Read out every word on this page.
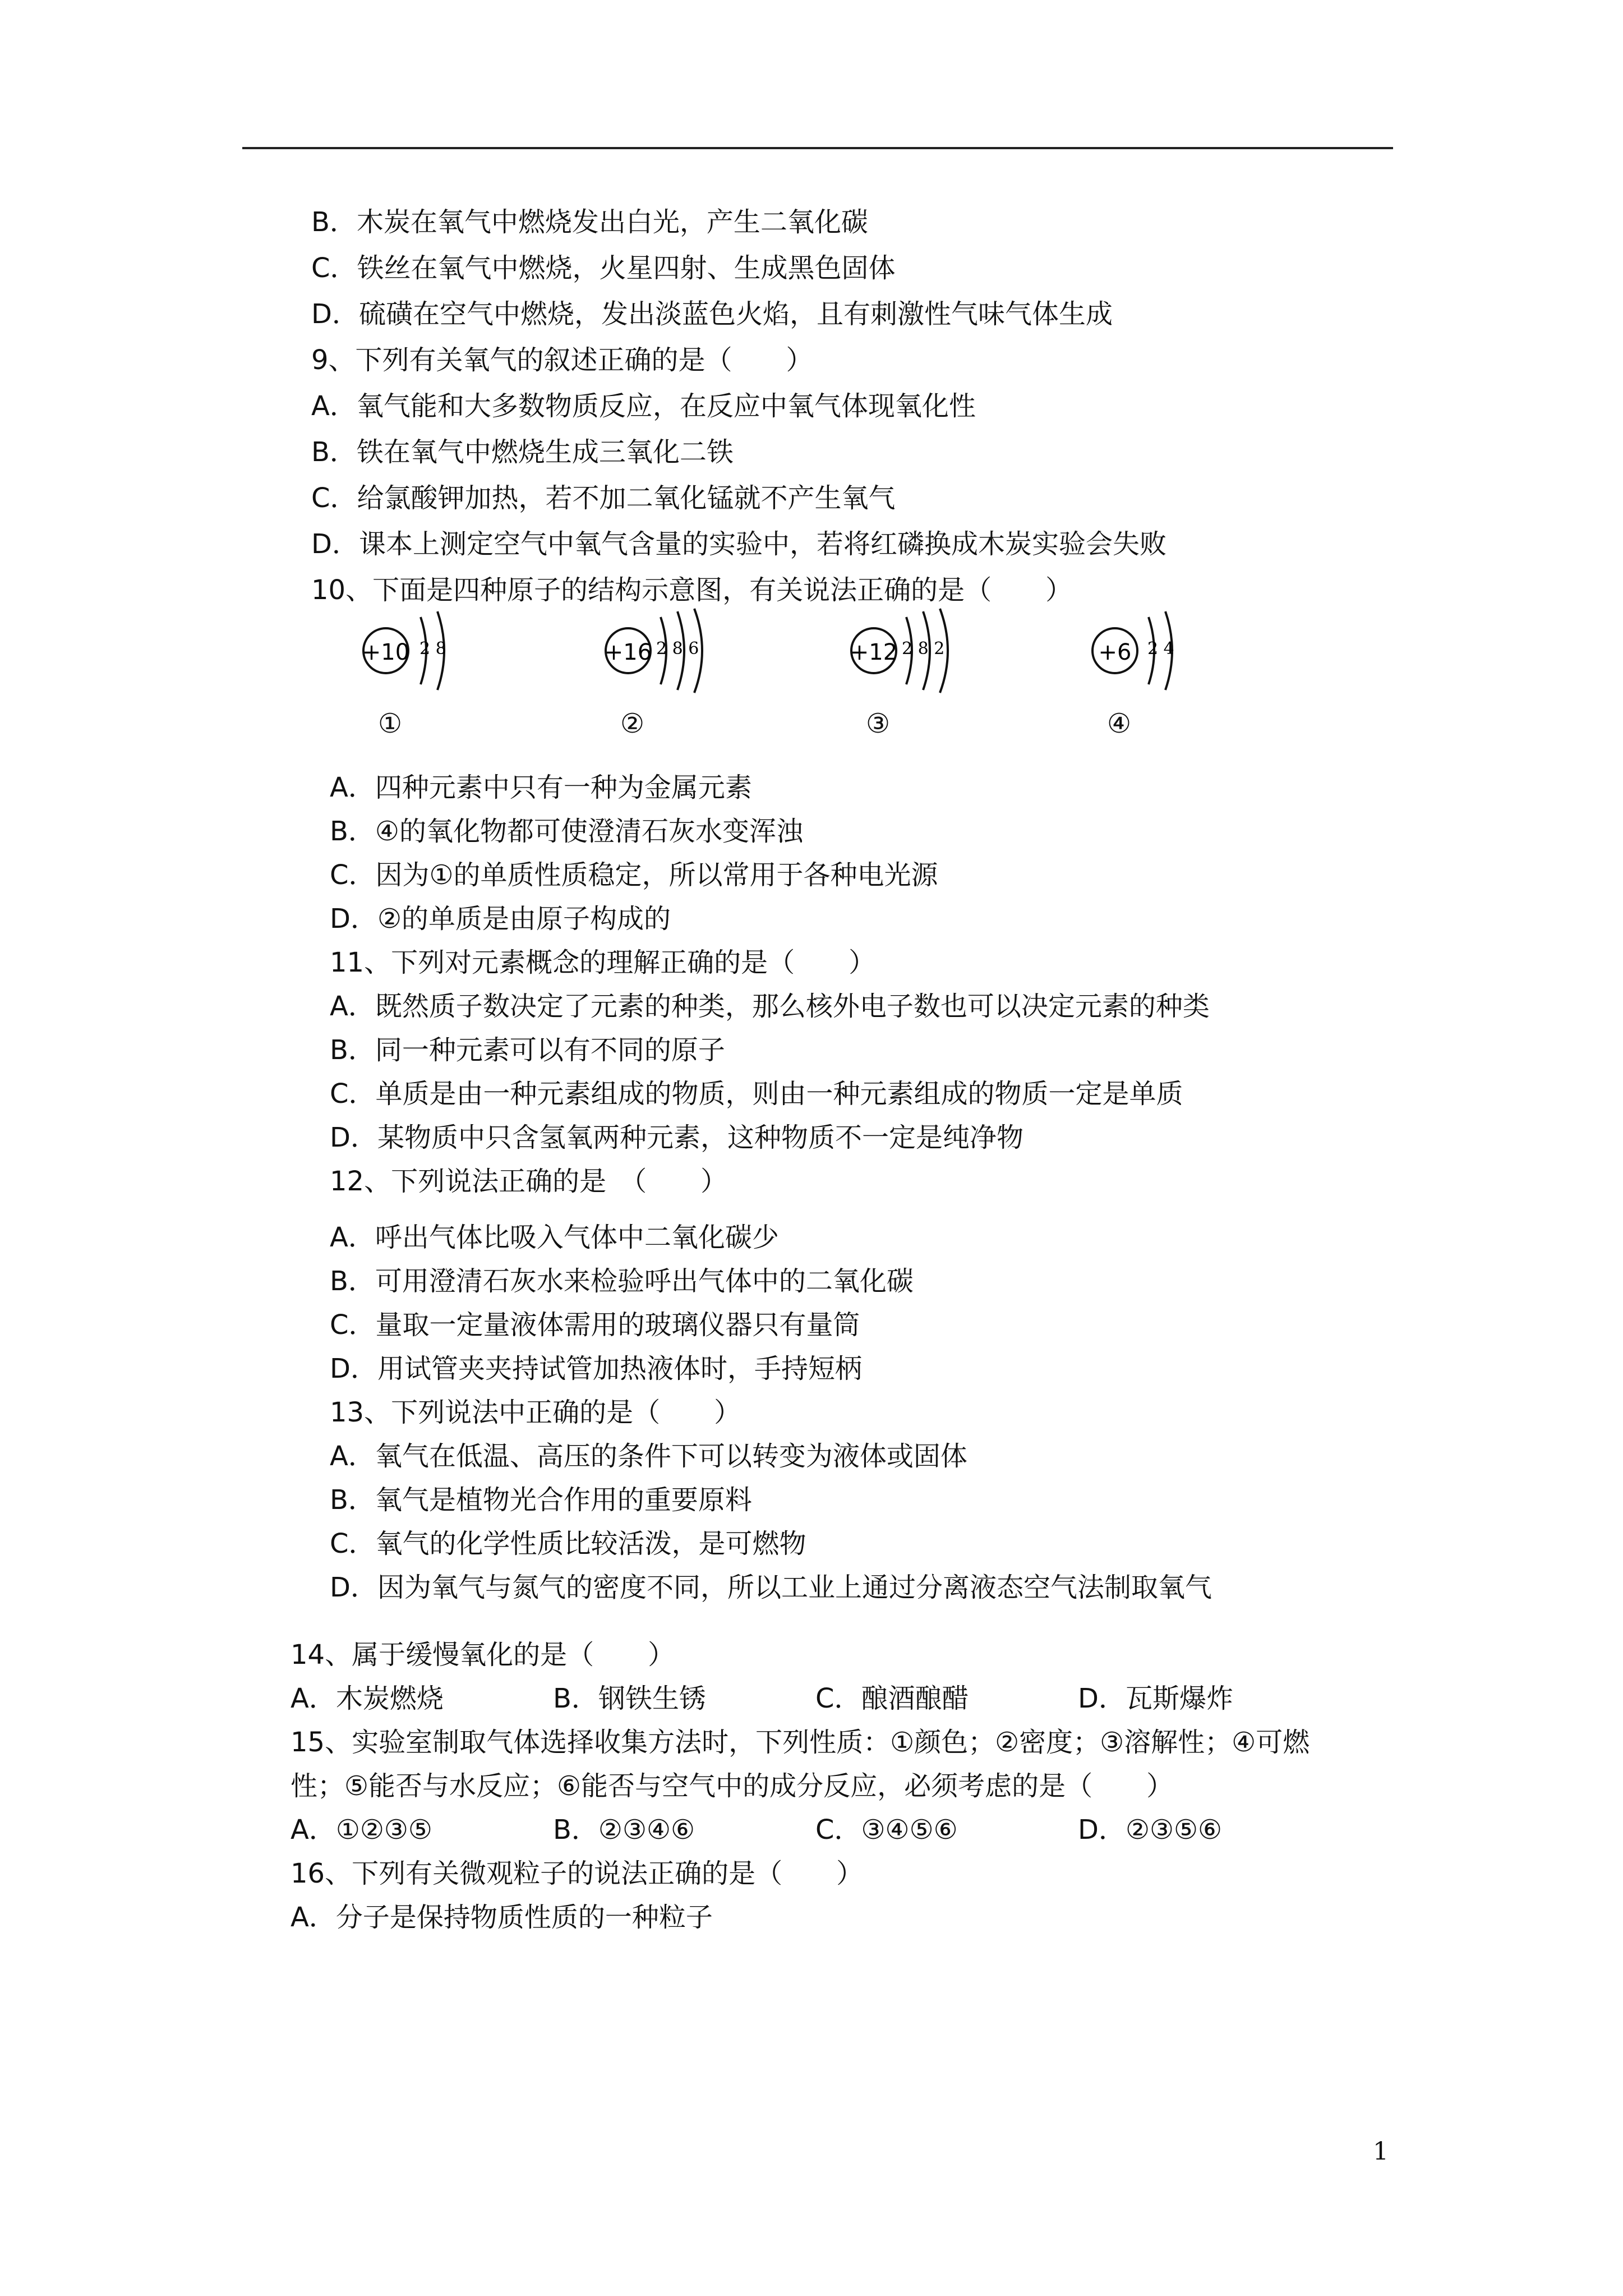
B．木炭在氧气中燃烧发出白光，产生二氧化碳
C．铁丝在氧气中燃烧，火星四射、生成黑色固体
D．硫磺在空气中燃烧，发出淡蓝色火焰，且有刺激性气味气体生成
9、下列有关氧气的叙述正确的是（　　）
A．氧气能和大多数物质反应，在反应中氧气体现氧化性
B．铁在氧气中燃烧生成三氧化二铁
C．给氯酸钾加热，若不加二氧化锰就不产生氧气
D．课本上测定空气中氧气含量的实验中，若将红磷换成木炭实验会失败
10、下面是四种原子的结构示意图，有关说法正确的是（　　）
+10 2 8
①
+16 2 8 6
②
+12 2 8 2
③
+6 2 4
④
A．四种元素中只有一种为金属元素
B．④的氧化物都可使澄清石灰水变浑浊
C．因为①的单质性质稳定，所以常用于各种电光源
D．②的单质是由原子构成的
11、下列对元素概念的理解正确的是（　　）
A．既然质子数决定了元素的种类，那么核外电子数也可以决定元素的种类
B．同一种元素可以有不同的原子
C．单质是由一种元素组成的物质，则由一种元素组成的物质一定是单质
D．某物质中只含氢氧两种元素，这种物质不一定是纯净物
12、下列说法正确的是　（　　）
A．呼出气体比吸入气体中二氧化碳少
B．可用澄清石灰水来检验呼出气体中的二氧化碳
C．量取一定量液体需用的玻璃仪器只有量筒
D．用试管夹夹持试管加热液体时，手持短柄
13、下列说法中正确的是（　　）
A．氧气在低温、高压的条件下可以转变为液体或固体
B．氧气是植物光合作用的重要原料
C．氧气的化学性质比较活泼，是可燃物
D．因为氧气与氮气的密度不同，所以工业上通过分离液态空气法制取氧气
14、属于缓慢氧化的是（　　）
A．木炭燃烧	B．钢铁生锈	C．酿酒酿醋	D．瓦斯爆炸
15、实验室制取气体选择收集方法时，下列性质：①颜色；②密度；③溶解性；④可燃
性；⑤能否与水反应；⑥能否与空气中的成分反应，必须考虑的是（　　）
A．①②③⑤	B．②③④⑥	C．③④⑤⑥	D．②③⑤⑥
16、下列有关微观粒子的说法正确的是（　　）
A．分子是保持物质性质的一种粒子
1
